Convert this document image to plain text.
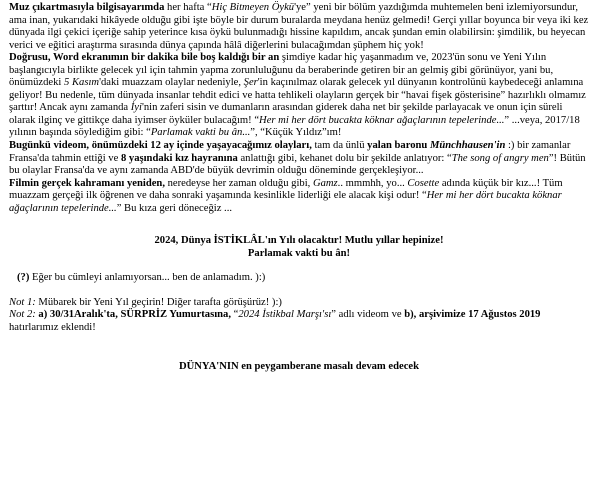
Muz çıkartmasıyla bilgisayarımda her hafta “Hiç Bitmeyen Öykü'ye” yeni bir bölüm yazdığımda muhtemelen beni izlemiyorsundur, ama inan, yukarıdaki hikâyede olduğu gibi işte böyle bir durum buralarda meydana henüz gelmedi! Gerçi yıllar boyunca bir veya iki kez dünyada ilgi çekici içeriğe sahip yeterince kısa öykü bulunmadığı hissine kapıldım, ancak şundan emin olabilirsin: şimdilik, bu heyecan verici ve eğitici araştırma sırasında dünya çapında hâlâ diğerlerini bulacağımdan şüphem hiç yok!

Doğrusu, Word ekranımın bir dakika bile boş kaldığı bir an şimdiye kadar hiç yaşanmadım ve, 2023'ün sonu ve Yeni Yılın başlangıcıyla birlikte gelecek yıl için tahmin yapma zorunluluğunu da beraberinde getiren bir an gelmiş gibi görünüyor, yani bu, önümüzdeki 5 Kasım'daki muazzam olaylar nedeniyle, Şer'in kaçınılmaz olarak gelecek yıl dünyanın kontrolünü kaybedeceği anlamına geliyor! Bu nedenle, tüm dünyada insanlar tehdit edici ve hatta tehlikeli olayların gerçek bir “havai fişek gösterisine” hazırlıklı olmamız şarttır! Ancak aynı zamanda İyi'nin zaferi sisin ve dumanların arasından giderek daha net bir şekilde parlayacak ve onun için süreli olarak ilginç ve gittikçe daha iyimser öyküler bulacağım! “Her mi her dört bucakta köknar ağaçlarının tepelerinde...” ...veya, 2017/18 yılının başında söylediğim gibi: “Parlamak vakti bu ân...”, “Küçük Yıldız”ım!

Bugünkü videom, önümüzdeki 12 ay içinde yaşayacağımız olayları, tam da ünlü yalan baronu Münchhausen'in :) bir zamanlar Fransa'da tahmin ettiği ve 8 yaşındaki kız hayranına anlattığı gibi, kehanet dolu bir şekilde anlatıyor: “The song of angry men”! Bütün bu olaylar Fransa'da ve aynı zamanda ABD'de büyük devrimin olduğu döneminde gerçekleşiyor...

Filmin gerçek kahramanı yeniden, neredeyse her zaman olduğu gibi, Gamz.. mmmhh, yo... Cosette adında küçük bir kız...! Tüm muazzam gerçeği ilk öğrenen ve daha sonraki yaşamında kesinlikle liderliği ele alacak kişi odur! “Her mi her dört bucakta köknar ağaçlarının tepelerinde...” Bu kıza geri döneceğiz ...

2024, Dünya İSTİKLÂL'ın Yılı olacaktır! Mutlu yıllar hepinize!

Parlamak vakti bu ân!

(?) Eğer bu cümleyi anlamıyorsan... ben de anlamadım. ):)

Not 1: Mübarek bir Yeni Yıl geçirin! Diğer tarafta görüşürüz! ):)

Not 2: a) 30/31Aralık'ta, SÜRPRİZ Yumurtasına, “2024 İstikbal Marşı'sı” adlı videom ve b), arşivimize 17 Ağustos 2019 hatırlarımız eklendi!

DÜNYA'NIN en peygamberane masalı devam edecek
